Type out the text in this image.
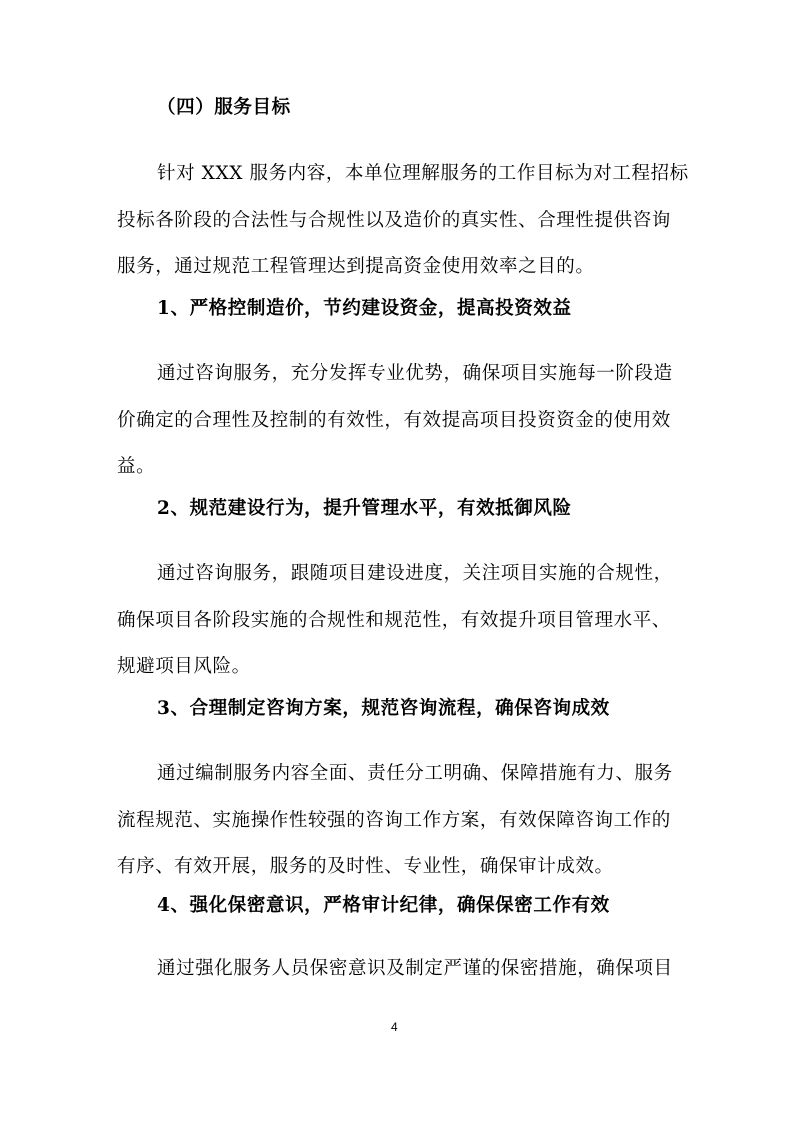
（四）服务目标
针对 XXX 服务内容，本单位理解服务的工作目标为对工程招标
投标各阶段的合法性与合规性以及造价的真实性、合理性提供咨询
服务，通过规范工程管理达到提高资金使用效率之目的。
1、严格控制造价，节约建设资金，提高投资效益
通过咨询服务，充分发挥专业优势，确保项目实施每一阶段造
价确定的合理性及控制的有效性，有效提高项目投资资金的使用效
益。
2、规范建设行为，提升管理水平，有效抵御风险
通过咨询服务，跟随项目建设进度，关注项目实施的合规性，
确保项目各阶段实施的合规性和规范性，有效提升项目管理水平、
规避项目风险。
3、合理制定咨询方案，规范咨询流程，确保咨询成效
通过编制服务内容全面、责任分工明确、保障措施有力、服务
流程规范、实施操作性较强的咨询工作方案，有效保障咨询工作的
有序、有效开展，服务的及时性、专业性，确保审计成效。
4、强化保密意识，严格审计纪律，确保保密工作有效
通过强化服务人员保密意识及制定严谨的保密措施，确保项目
4
